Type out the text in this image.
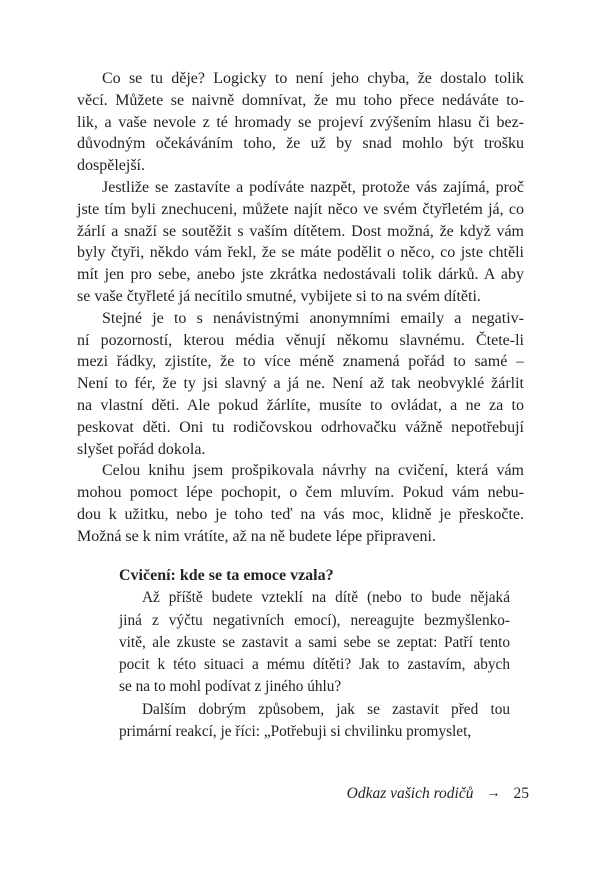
Co se tu děje? Logicky to není jeho chyba, že dostalo tolik
věcí. Můžete se naivně domnívat, že mu toho přece nedáváte to-
lik, a vaše nevole z té hromady se projeví zvýšením hlasu či bez-
důvodným očekáváním toho, že už by snad mohlo být trošku
dospělejší.
Jestliže se zastavíte a podíváte nazpět, protože vás zajímá, proč
jste tím byli znechuceni, můžete najít něco ve svém čtyřletém já, co
žárlí a snaží se soutěžit s vaším dítětem. Dost možná, že když vám
byly čtyři, někdo vám řekl, že se máte podělit o něco, co jste chtěli
mít jen pro sebe, anebo jste zkrátka nedostávali tolik dárků. A aby
se vaše čtyřleté já necítilo smutné, vybijete si to na svém dítěti.
Stejné je to s nenávistnými anonymními emaily a negativ-
ní pozorností, kterou média věnují někomu slavnému. Čtete-li
mezi řádky, zjistíte, že to více méně znamená pořád to samé –
Není to fér, že ty jsi slavný a já ne. Není až tak neobvyklé žárlit
na vlastní děti. Ale pokud žárlíte, musíte to ovládat, a ne za to
peskovat děti. Oni tu rodičovskou odrhovačku vážně nepotřebují
slyšet pořád dokola.
Celou knihu jsem prošpikovala návrhy na cvičení, která vám
mohou pomoct lépe pochopit, o čem mluvím. Pokud vám nebu-
dou k užitku, nebo je toho teď na vás moc, klidně je přeskočte.
Možná se k nim vrátíte, až na ně budete lépe připraveni.
Cvičení: kde se ta emoce vzala?
Až příště budete vzteklí na dítě (nebo to bude nějaká
jiná z výčtu negativních emocí), nereagujte bezmyšlenko-
vitě, ale zkuste se zastavit a sami sebe se zeptat: Patří tento
pocit k této situaci a mému dítěti? Jak to zastavím, abych
se na to mohl podívat z jiného úhlu?
Dalším dobrým způsobem, jak se zastavit před tou
primární reakcí, je říci: „Potřebuji si chvilinku promyslet,
Odkaz vašich rodičů → 25
